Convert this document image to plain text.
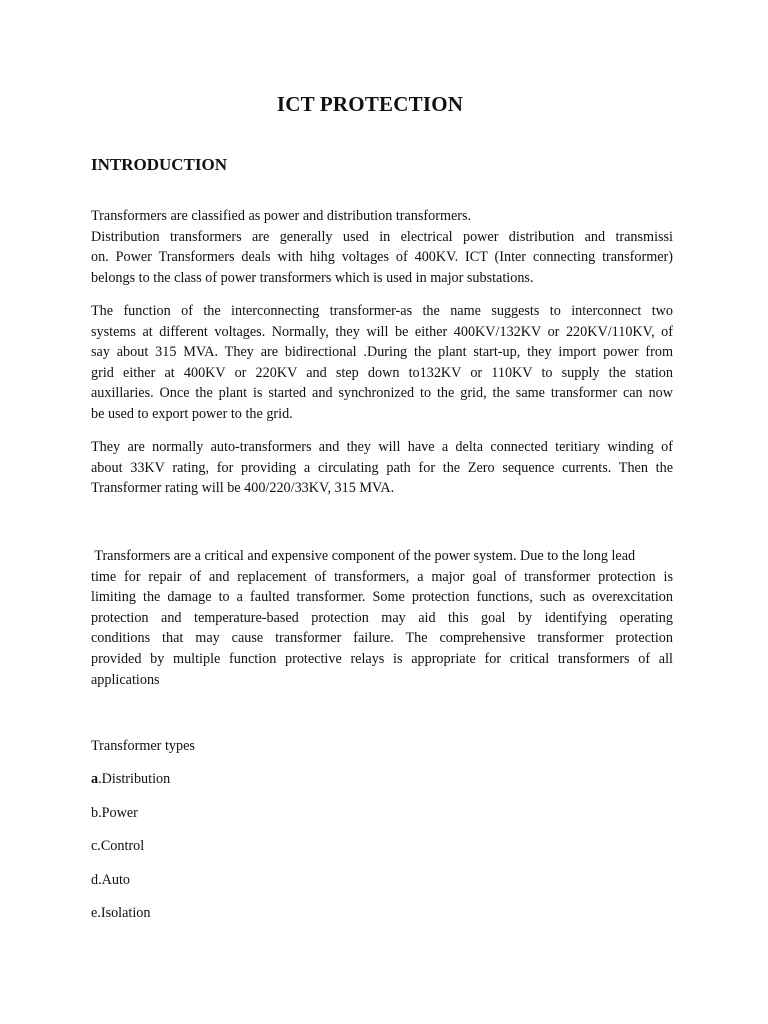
ICT PROTECTION
INTRODUCTION
Transformers are classified as power and distribution transformers.
Distribution transformers are generally used in electrical power distribution and transmissi
on. Power Transformers deals with hihg voltages of 400KV. ICT (Inter connecting transformer)
belongs to the class of power transformers which is used in major substations.
The function of the interconnecting transformer-as the name suggests to interconnect two
systems at different voltages. Normally, they will be either 400KV/132KV or 220KV/110KV, of
say about 315 MVA. They are bidirectional .During the plant start-up, they import power from
grid either at 400KV or 220KV and step down to132KV or 110KV to supply the station
auxillaries. Once the plant is started and synchronized to the grid, the same transformer can now
be used to export power to the grid.
They are normally auto-transformers and they will have a delta connected teritiary winding of
about 33KV rating, for providing a circulating path for the Zero sequence currents. Then the
Transformer rating will be 400/220/33KV, 315 MVA.
Transformers are a critical and expensive component of the power system. Due to the long lead
time for repair of and replacement of transformers, a major goal of transformer protection is
limiting the damage to a faulted transformer. Some protection functions, such as overexcitation
protection and temperature-based protection may aid this goal by identifying operating
conditions that may cause transformer failure. The comprehensive transformer protection
provided by multiple function protective relays is appropriate for critical transformers of all
applications

Transformer types

a.Distribution

b.Power

c.Control

d.Auto

e.Isolation
